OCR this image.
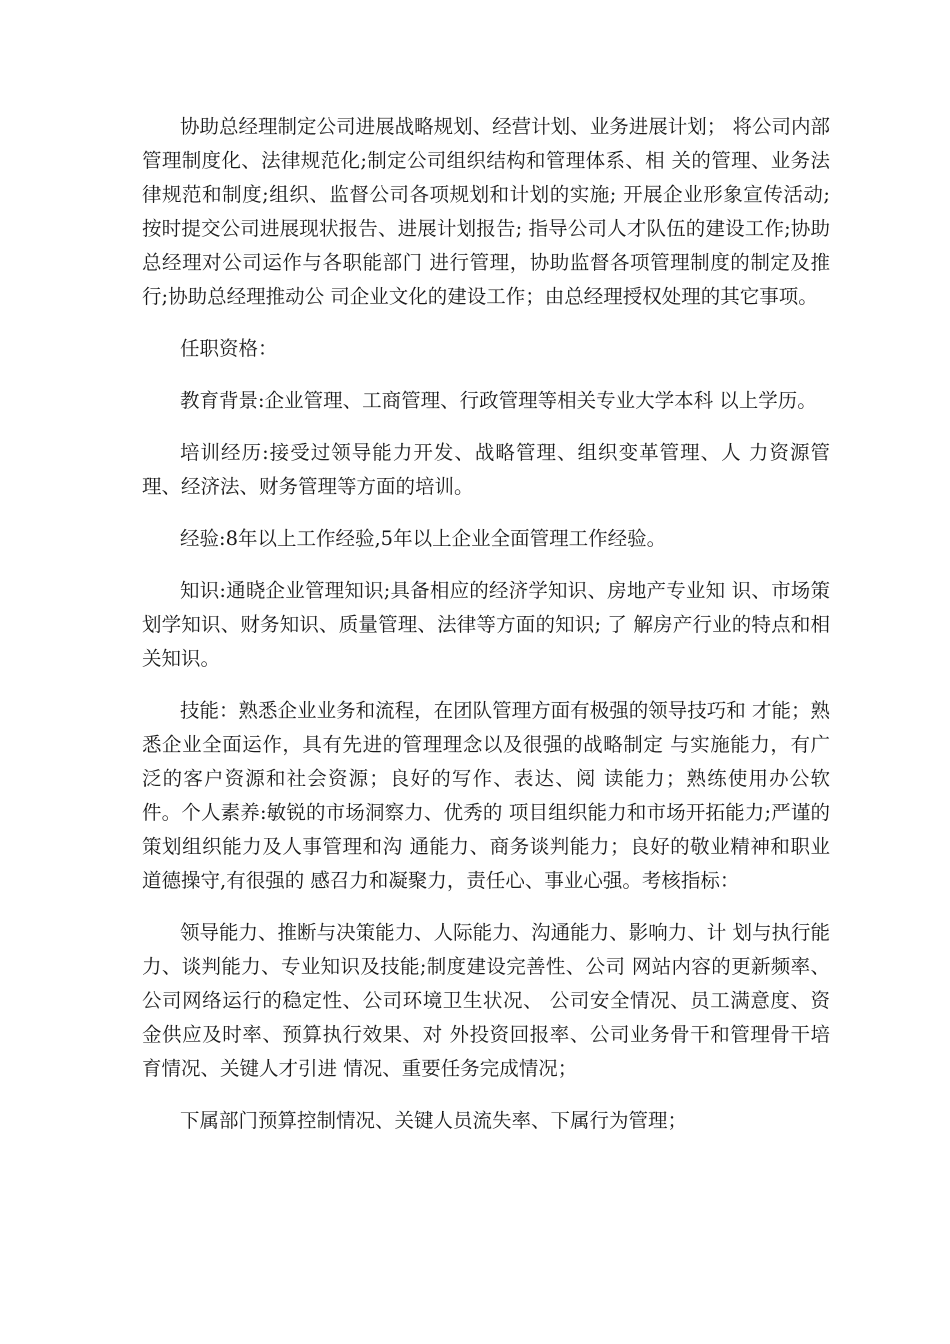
协助总经理制定公司进展战略规划、经营计划、业务进展计划； 将公司内部管理制度化、法律规范化;制定公司组织结构和管理体系、相 关的管理、业务法律规范和制度;组织、监督公司各项规划和计划的实施; 开展企业形象宣传活动;按时提交公司进展现状报告、进展计划报告; 指导公司人才队伍的建设工作;协助总经理对公司运作与各职能部门 进行管理，协助监督各项管理制度的制定及推行;协助总经理推动公 司企业文化的建设工作；由总经理授权处理的其它事项。

任职资格：

教育背景:企业管理、工商管理、行政管理等相关专业大学本科 以上学历。

培训经历:接受过领导能力开发、战略管理、组织变革管理、人 力资源管理、经济法、财务管理等方面的培训。

经验:8年以上工作经验,5年以上企业全面管理工作经验。

知识:通晓企业管理知识;具备相应的经济学知识、房地产专业知 识、市场策划学知识、财务知识、质量管理、法律等方面的知识; 了 解房产行业的特点和相关知识。

技能：熟悉企业业务和流程，在团队管理方面有极强的领导技巧和 才能；熟悉企业全面运作，具有先进的管理理念以及很强的战略制定 与实施能力，有广泛的客户资源和社会资源；良好的写作、表达、阅 读能力；熟练使用办公软件。个人素养:敏锐的市场洞察力、优秀的 项目组织能力和市场开拓能力;严谨的策划组织能力及人事管理和沟 通能力、商务谈判能力；良好的敬业精神和职业道德操守,有很强的 感召力和凝聚力，责任心、事业心强。考核指标：

领导能力、推断与决策能力、人际能力、沟通能力、影响力、计 划与执行能力、谈判能力、专业知识及技能;制度建设完善性、公司 网站内容的更新频率、公司网络运行的稳定性、公司环境卫生状况、 公司安全情况、员工满意度、资金供应及时率、预算执行效果、对 外投资回报率、公司业务骨干和管理骨干培育情况、关键人才引进 情况、重要任务完成情况；

下属部门预算控制情况、关键人员流失率、下属行为管理；
